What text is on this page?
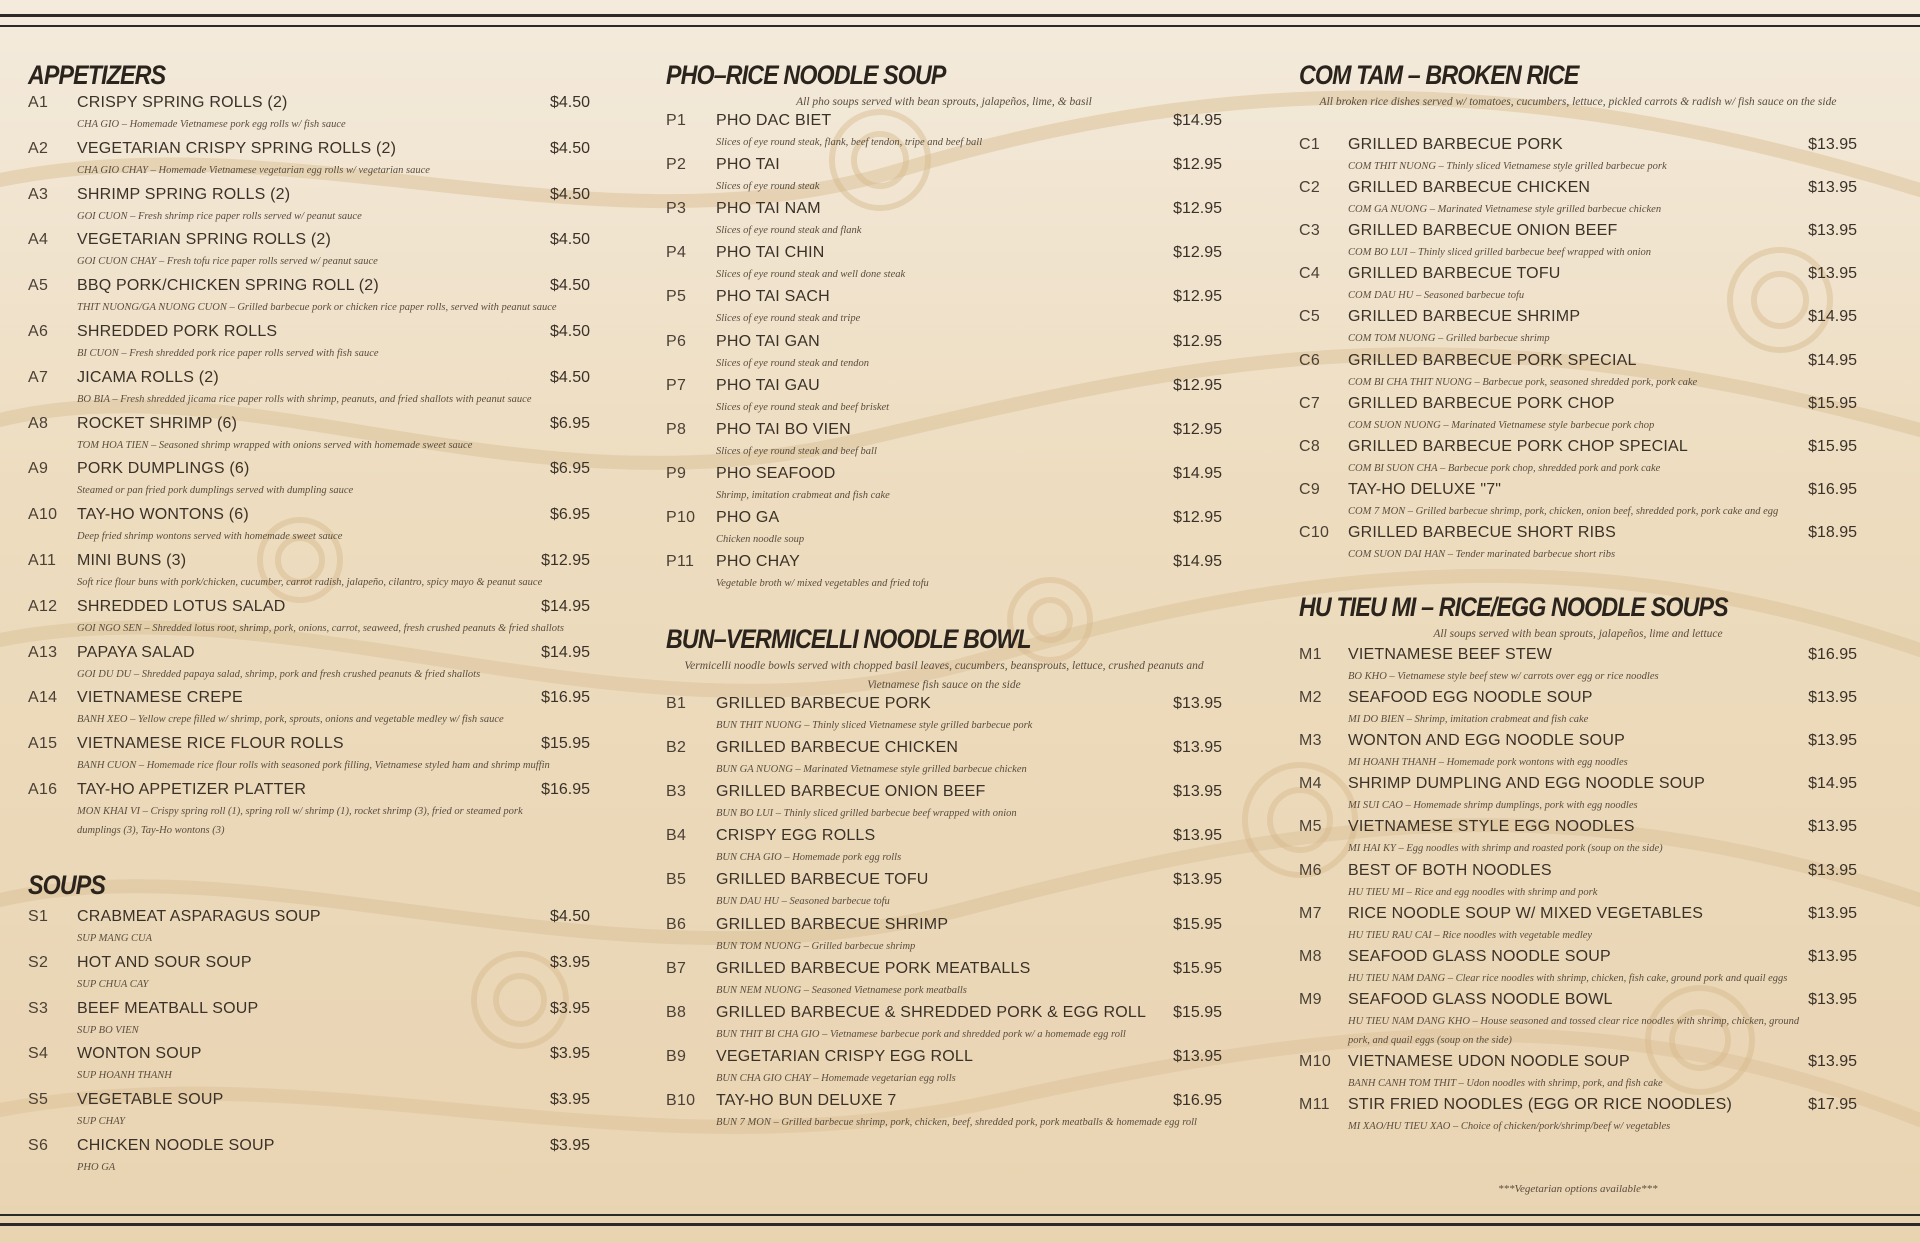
APPETIZERS
A1 CRISPY SPRING ROLLS (2)	$4.50
CHA GIO – Homemade Vietnamese pork egg rolls w/ fish sauce
A2 VEGETARIAN CRISPY SPRING ROLLS (2)	$4.50
CHA GIO CHAY – Homemade Vietnamese vegetarian egg rolls w/ vegetarian sauce
A3 SHRIMP SPRING ROLLS (2)	$4.50
GOI CUON – Fresh shrimp rice paper rolls served w/ peanut sauce
A4 VEGETARIAN SPRING ROLLS (2)	$4.50
GOI CUON CHAY – Fresh tofu rice paper rolls served w/ peanut sauce
A5 BBQ PORK/CHICKEN SPRING ROLL (2)	$4.50
THIT NUONG/GA NUONG CUON – Grilled barbecue pork or chicken rice paper rolls, served with peanut sauce
A6 SHREDDED PORK ROLLS	$4.50
BI CUON – Fresh shredded pork rice paper rolls served with fish sauce
A7 JICAMA ROLLS (2)	$4.50
BO BIA – Fresh shredded jicama rice paper rolls with shrimp, peanuts, and fried shallots with peanut sauce
A8 ROCKET SHRIMP (6)	$6.95
TOM HOA TIEN – Seasoned shrimp wrapped with onions served with homemade sweet sauce
A9 PORK DUMPLINGS (6)	$6.95
Steamed or pan fried pork dumplings served with dumpling sauce
A10 TAY-HO WONTONS (6)	$6.95
Deep fried shrimp wontons served with homemade sweet sauce
A11 MINI BUNS (3)	$12.95
Soft rice flour buns with pork/chicken, cucumber, carrot radish, jalapeño, cilantro, spicy mayo & peanut sauce
A12 SHREDDED LOTUS SALAD	$14.95
GOI NGO SEN – Shredded lotus root, shrimp, pork, onions, carrot, seaweed, fresh crushed peanuts & fried shallots
A13 PAPAYA SALAD	$14.95
GOI DU DU – Shredded papaya salad, shrimp, pork and fresh crushed peanuts & fried shallots
A14 VIETNAMESE CREPE	$16.95
BANH XEO – Yellow crepe filled w/ shrimp, pork, sprouts, onions and vegetable medley w/ fish sauce
A15 VIETNAMESE RICE FLOUR ROLLS	$15.95
BANH CUON – Homemade rice flour rolls with seasoned pork filling, Vietnamese styled ham and shrimp muffin
A16 TAY-HO APPETIZER PLATTER	$16.95
MON KHAI VI – Crispy spring roll (1), spring roll w/ shrimp (1), rocket shrimp (3), fried or steamed pork dumplings (3), Tay-Ho wontons (3)
SOUPS
S1 CRABMEAT ASPARAGUS SOUP	$4.50
SUP MANG CUA
S2 HOT AND SOUR SOUP	$3.95
SUP CHUA CAY
S3 BEEF MEATBALL SOUP	$3.95
SUP BO VIEN
S4 WONTON SOUP	$3.95
SUP HOANH THANH
S5 VEGETABLE SOUP	$3.95
SUP CHAY
S6 CHICKEN NOODLE SOUP	$3.95
PHO GA
PHO–RICE NOODLE SOUP
All pho soups served with bean sprouts, jalapeños, lime, & basil
P1 PHO DAC BIET	$14.95
Slices of eye round steak, flank, beef tendon, tripe and beef ball
P2 PHO TAI	$12.95
Slices of eye round steak
P3 PHO TAI NAM	$12.95
Slices of eye round steak and flank
P4 PHO TAI CHIN	$12.95
Slices of eye round steak and well done steak
P5 PHO TAI SACH	$12.95
Slices of eye round steak and tripe
P6 PHO TAI GAN	$12.95
Slices of eye round steak and tendon
P7 PHO TAI GAU	$12.95
Slices of eye round steak and beef brisket
P8 PHO TAI BO VIEN	$12.95
Slices of eye round steak and beef ball
P9 PHO SEAFOOD	$14.95
Shrimp, imitation crabmeat and fish cake
P10 PHO GA	$12.95
Chicken noodle soup
P11 PHO CHAY	$14.95
Vegetable broth w/ mixed vegetables and fried tofu
BUN–VERMICELLI NOODLE BOWL
Vermicelli noodle bowls served with chopped basil leaves, cucumbers, beansprouts, lettuce, crushed peanuts and Vietnamese fish sauce on the side
B1 GRILLED BARBECUE PORK	$13.95
BUN THIT NUONG – Thinly sliced Vietnamese style grilled barbecue pork
B2 GRILLED BARBECUE CHICKEN	$13.95
BUN GA NUONG – Marinated Vietnamese style grilled barbecue chicken
B3 GRILLED BARBECUE ONION BEEF	$13.95
BUN BO LUI – Thinly sliced grilled barbecue beef wrapped with onion
B4 CRISPY EGG ROLLS	$13.95
BUN CHA GIO – Homemade pork egg rolls
B5 GRILLED BARBECUE TOFU	$13.95
BUN DAU HU – Seasoned barbecue tofu
B6 GRILLED BARBECUE SHRIMP	$15.95
BUN TOM NUONG – Grilled barbecue shrimp
B7 GRILLED BARBECUE PORK MEATBALLS	$15.95
BUN NEM NUONG – Seasoned Vietnamese pork meatballs
B8 GRILLED BARBECUE & SHREDDED PORK & EGG ROLL $15.95
BUN THIT BI CHA GIO – Vietnamese barbecue pork and shredded pork w/ a homemade egg roll
B9 VEGETARIAN CRISPY EGG ROLL	$13.95
BUN CHA GIO CHAY – Homemade vegetarian egg rolls
B10 TAY-HO BUN DELUXE 7	$16.95
BUN 7 MON – Grilled barbecue shrimp, pork, chicken, beef, shredded pork, pork meatballs & homemade egg roll
COM TAM – BROKEN RICE
All broken rice dishes served w/ tomatoes, cucumbers, lettuce, pickled carrots & radish w/ fish sauce on the side
C1 GRILLED BARBECUE PORK	$13.95
COM THIT NUONG – Thinly sliced Vietnamese style grilled barbecue pork
C2 GRILLED BARBECUE CHICKEN	$13.95
COM GA NUONG – Marinated Vietnamese style grilled barbecue chicken
C3 GRILLED BARBECUE ONION BEEF	$13.95
COM BO LUI – Thinly sliced grilled barbecue beef wrapped with onion
C4 GRILLED BARBECUE TOFU	$13.95
COM DAU HU – Seasoned barbecue tofu
C5 GRILLED BARBECUE SHRIMP	$14.95
COM TOM NUONG – Grilled barbecue shrimp
C6 GRILLED BARBECUE PORK SPECIAL	$14.95
COM BI CHA THIT NUONG – Barbecue pork, seasoned shredded pork, pork cake
C7 GRILLED BARBECUE PORK CHOP	$15.95
COM SUON NUONG – Marinated Vietnamese style barbecue pork chop
C8 GRILLED BARBECUE PORK CHOP SPECIAL	$15.95
COM BI SUON CHA – Barbecue pork chop, shredded pork and pork cake
C9 TAY-HO DELUXE "7"	$16.95
COM 7 MON – Grilled barbecue shrimp, pork, chicken, onion beef, shredded pork, pork cake and egg
C10 GRILLED BARBECUE SHORT RIBS	$18.95
COM SUON DAI HAN – Tender marinated barbecue short ribs
HU TIEU MI – RICE/EGG NOODLE SOUPS
All soups served with bean sprouts, jalapeños, lime and lettuce
M1 VIETNAMESE BEEF STEW	$16.95
BO KHO – Vietnamese style beef stew w/ carrots over egg or rice noodles
M2 SEAFOOD EGG NOODLE SOUP	$13.95
MI DO BIEN – Shrimp, imitation crabmeat and fish cake
M3 WONTON AND EGG NOODLE SOUP	$13.95
MI HOANH THANH – Homemade pork wontons with egg noodles
M4 SHRIMP DUMPLING AND EGG NOODLE SOUP	$14.95
MI SUI CAO – Homemade shrimp dumplings, pork with egg noodles
M5 VIETNAMESE STYLE EGG NOODLES	$13.95
MI HAI KY – Egg noodles with shrimp and roasted pork (soup on the side)
M6 BEST OF BOTH NOODLES	$13.95
HU TIEU MI – Rice and egg noodles with shrimp and pork
M7 RICE NOODLE SOUP W/ MIXED VEGETABLES	$13.95
HU TIEU RAU CAI – Rice noodles with vegetable medley
M8 SEAFOOD GLASS NOODLE SOUP	$13.95
HU TIEU NAM DANG – Clear rice noodles with shrimp, chicken, fish cake, ground pork and quail eggs
M9 SEAFOOD GLASS NOODLE BOWL	$13.95
HU TIEU NAM DANG KHO – House seasoned and tossed clear rice noodles with shrimp, chicken, ground pork, and quail eggs (soup on the side)
M10 VIETNAMESE UDON NOODLE SOUP	$13.95
BANH CANH TOM THIT – Udon noodles with shrimp, pork, and fish cake
M11 STIR FRIED NOODLES (EGG OR RICE NOODLES)	$17.95
MI XAO/HU TIEU XAO – Choice of chicken/pork/shrimp/beef w/ vegetables
***Vegetarian options available***
